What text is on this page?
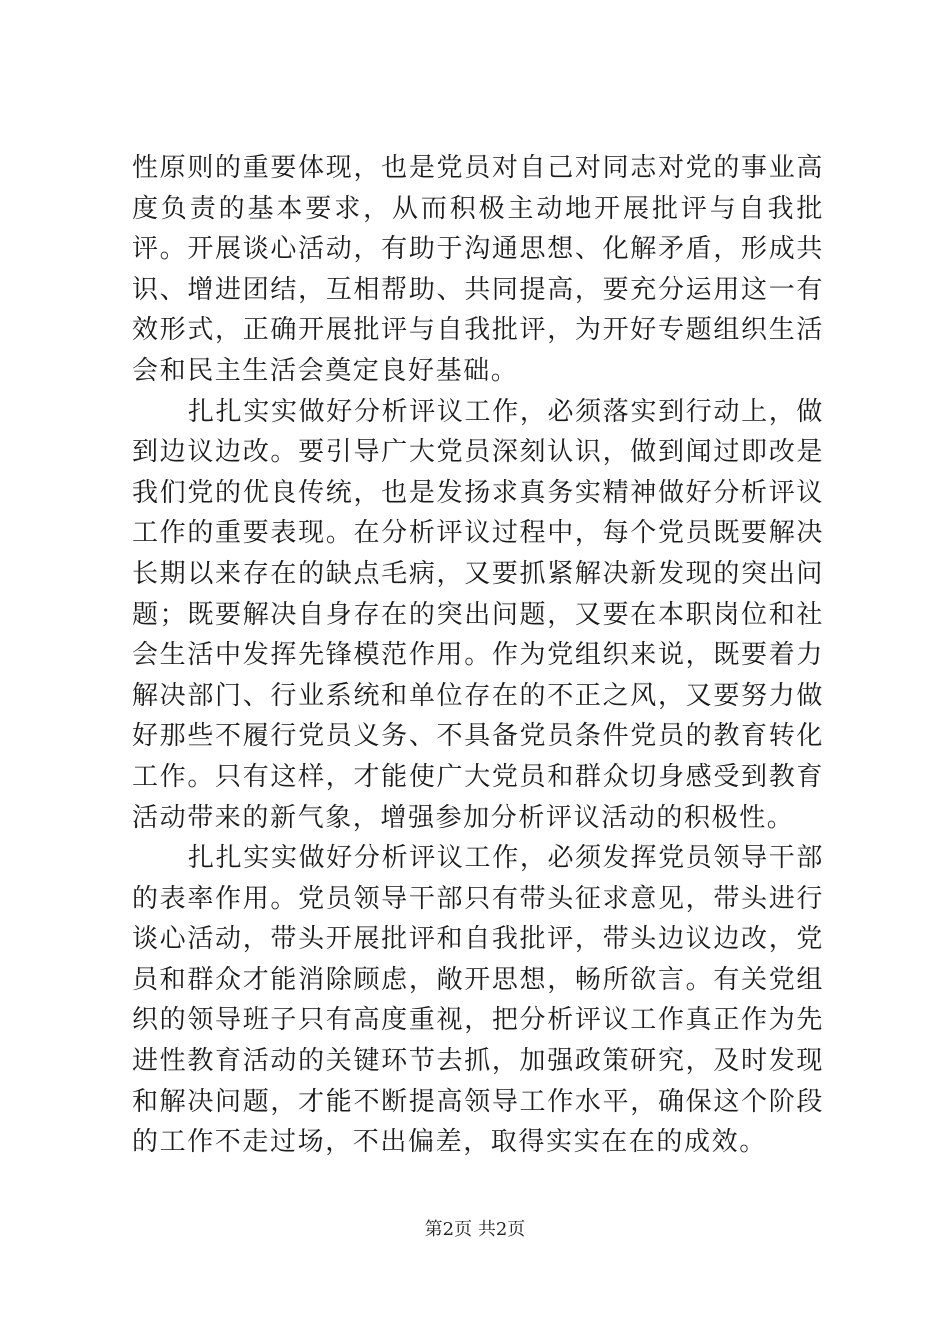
性原则的重要体现，也是党员对自己对同志对党的事业高度负责的基本要求，从而积极主动地开展批评与自我批评。开展谈心活动，有助于沟通思想、化解矛盾，形成共识、增进团结，互相帮助、共同提高，要充分运用这一有效形式，正确开展批评与自我批评，为开好专题组织生活会和民主生活会奠定良好基础。

扎扎实实做好分析评议工作，必须落实到行动上，做到边议边改。要引导广大党员深刻认识，做到闻过即改是我们党的优良传统，也是发扬求真务实精神做好分析评议工作的重要表现。在分析评议过程中，每个党员既要解决长期以来存在的缺点毛病，又要抓紧解决新发现的突出问题；既要解决自身存在的突出问题，又要在本职岗位和社会生活中发挥先锋模范作用。作为党组织来说，既要着力解决部门、行业系统和单位存在的不正之风，又要努力做好那些不履行党员义务、不具备党员条件党员的教育转化工作。只有这样，才能使广大党员和群众切身感受到教育活动带来的新气象，增强参加分析评议活动的积极性。

扎扎实实做好分析评议工作，必须发挥党员领导干部的表率作用。党员领导干部只有带头征求意见，带头进行谈心活动，带头开展批评和自我批评，带头边议边改，党员和群众才能消除顾虑，敞开思想，畅所欲言。有关党组织的领导班子只有高度重视，把分析评议工作真正作为先进性教育活动的关键环节去抓，加强政策研究，及时发现和解决问题，才能不断提高领导工作水平，确保这个阶段的工作不走过场，不出偏差，取得实实在在的成效。

第2页 共2页
